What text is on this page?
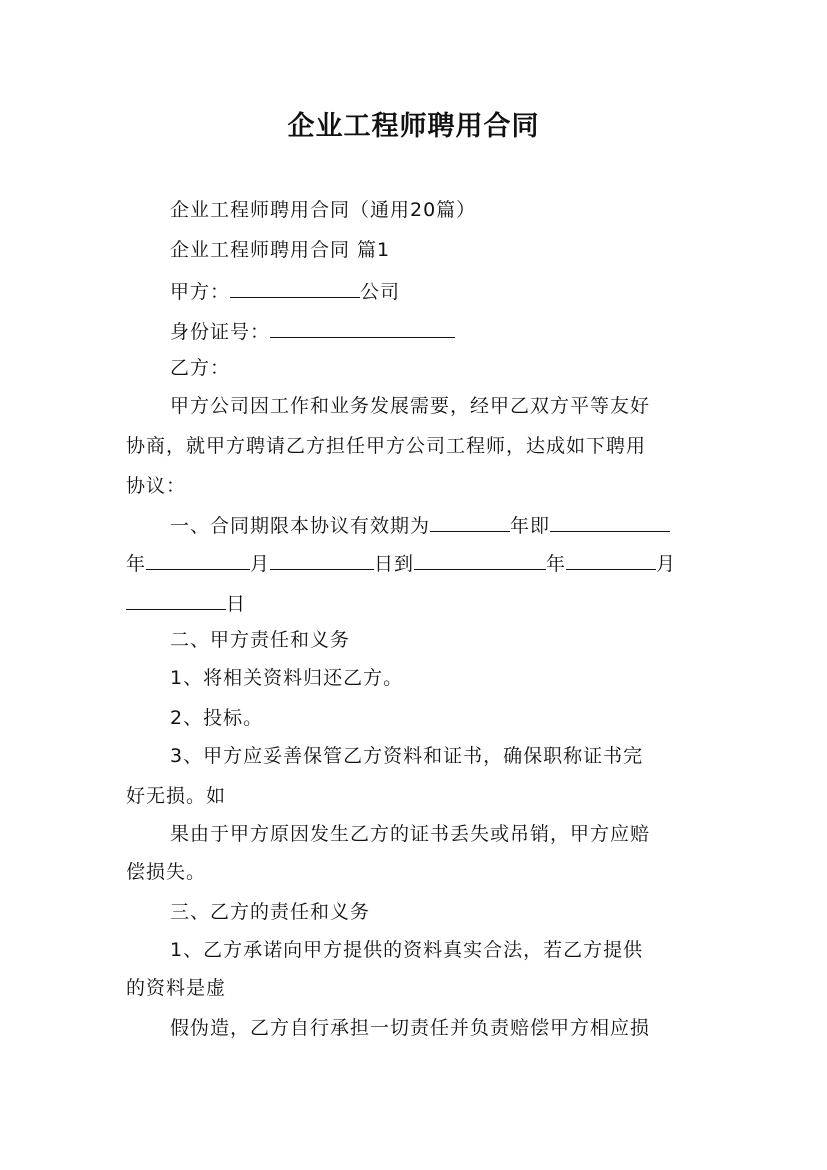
企业工程师聘用合同
企业工程师聘用合同（通用20篇）
企业工程师聘用合同 篇1
甲方：	公司
身份证号：
乙方：
甲方公司因工作和业务发展需要，经甲乙双方平等友好
协商，就甲方聘请乙方担任甲方公司工程师，达成如下聘用
协议：
一、合同期限本协议有效期为	年即
年	月	日到	年	月
日
二、甲方责任和义务
1、将相关资料归还乙方。
2、投标。
3、甲方应妥善保管乙方资料和证书，确保职称证书完
好无损。如
果由于甲方原因发生乙方的证书丢失或吊销，甲方应赔
偿损失。
三、乙方的责任和义务
1、乙方承诺向甲方提供的资料真实合法，若乙方提供
的资料是虚
假伪造，乙方自行承担一切责任并负责赔偿甲方相应损
